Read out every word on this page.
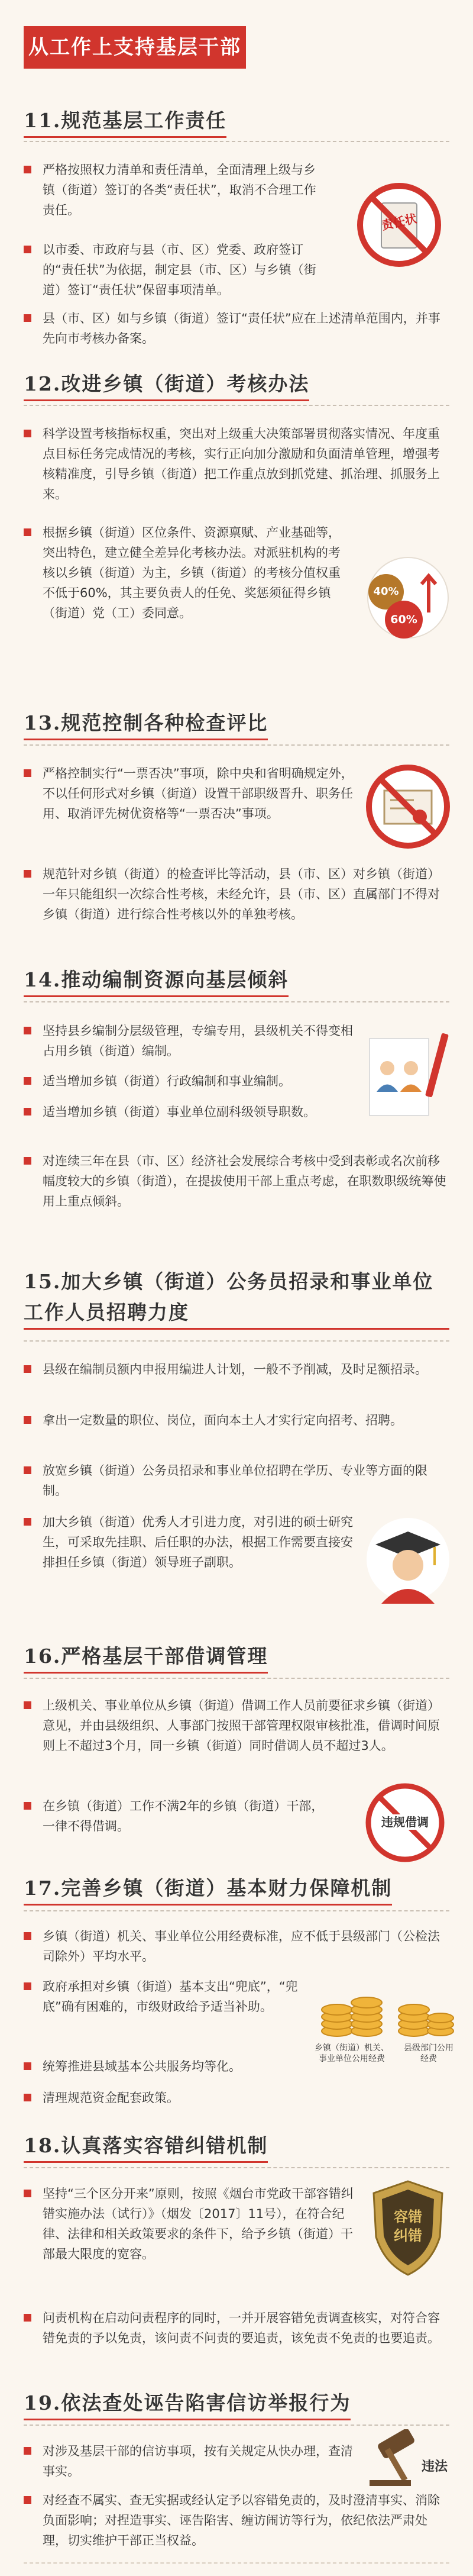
从工作上支持基层干部
11.规范基层工作责任
严格按照权力清单和责任清单，全面清理上级与乡镇（街道）签订的各类“责任状”，取消不合理工作责任。
以市委、市政府与县（市、区）党委、政府签订的“责任状”为依据，制定县（市、区）与乡镇（街道）签订“责任状”保留事项清单。
县（市、区）如与乡镇（街道）签订“责任状”应在上述清单范围内，并事先向市考核办备案。
责任状
12.改进乡镇（街道）考核办法
科学设置考核指标权重，突出对上级重大决策部署贯彻落实情况、年度重点目标任务完成情况的考核，实行正向加分激励和负面清单管理，增强考核精准度，引导乡镇（街道）把工作重点放到抓党建、抓治理、抓服务上来。
根据乡镇（街道）区位条件、资源禀赋、产业基础等，突出特色，建立健全差异化考核办法。对派驻机构的考核以乡镇（街道）为主，乡镇（街道）的考核分值权重不低于60%，其主要负责人的任免、奖惩须征得乡镇（街道）党（工）委同意。
40%
60%
13.规范控制各种检查评比
严格控制实行“一票否决”事项，除中央和省明确规定外，不以任何形式对乡镇（街道）设置干部职级晋升、职务任用、取消评先树优资格等“一票否决”事项。
规范针对乡镇（街道）的检查评比等活动，县（市、区）对乡镇（街道）一年只能组织一次综合性考核，未经允许，县（市、区）直属部门不得对乡镇（街道）进行综合性考核以外的单独考核。
14.推动编制资源向基层倾斜
坚持县乡编制分层级管理，专编专用，县级机关不得变相占用乡镇（街道）编制。
适当增加乡镇（街道）行政编制和事业编制。
适当增加乡镇（街道）事业单位副科级领导职数。
对连续三年在县（市、区）经济社会发展综合考核中受到表彰或名次前移幅度较大的乡镇（街道），在提拔使用干部上重点考虑，在职数职级统筹使用上重点倾斜。
15.加大乡镇（街道）公务员招录和事业单位工作人员招聘力度
县级在编制员额内申报用编进人计划，一般不予削减，及时足额招录。
拿出一定数量的职位、岗位，面向本土人才实行定向招考、招聘。
放宽乡镇（街道）公务员招录和事业单位招聘在学历、专业等方面的限制。
加大乡镇（街道）优秀人才引进力度，对引进的硕士研究生，可采取先挂职、后任职的办法，根据工作需要直接安排担任乡镇（街道）领导班子副职。
16.严格基层干部借调管理
上级机关、事业单位从乡镇（街道）借调工作人员前要征求乡镇（街道）意见，并由县级组织、人事部门按照干部管理权限审核批准，借调时间原则上不超过3个月，同一乡镇（街道）同时借调人员不超过3人。
在乡镇（街道）工作不满2年的乡镇（街道）干部，一律不得借调。	违规借调
17.完善乡镇（街道）基本财力保障机制
乡镇（街道）机关、事业单位公用经费标准，应不低于县级部门（公检法司除外）平均水平。
政府承担对乡镇（街道）基本支出“兜底”，“兜底”确有困难的，市级财政给予适当补助。
统筹推进县域基本公共服务均等化。
清理规范资金配套政策。
乡镇（街道）机关、事业单位公用经费
县级部门公用经费
18.认真落实容错纠错机制
坚持“三个区分开来”原则，按照《烟台市党政干部容错纠错实施办法（试行）》（烟发〔2017〕11号），在符合纪律、法律和相关政策要求的条件下，给予乡镇（街道）干部最大限度的宽容。
问责机构在启动问责程序的同时，一并开展容错免责调查核实，对符合容错免责的予以免责，该问责不问责的要追责，该免责不免责的也要追责。
容错纠错
19.依法查处诬告陷害信访举报行为
对涉及基层干部的信访事项，按有关规定从快办理，查清事实。
对经查不属实、查无实据或经认定予以容错免责的，及时澄清事实、消除负面影响；对捏造事实、诬告陷害、缠访闹访等行为，依纪依法严肃处理，切实维护干部正当权益。
违法
